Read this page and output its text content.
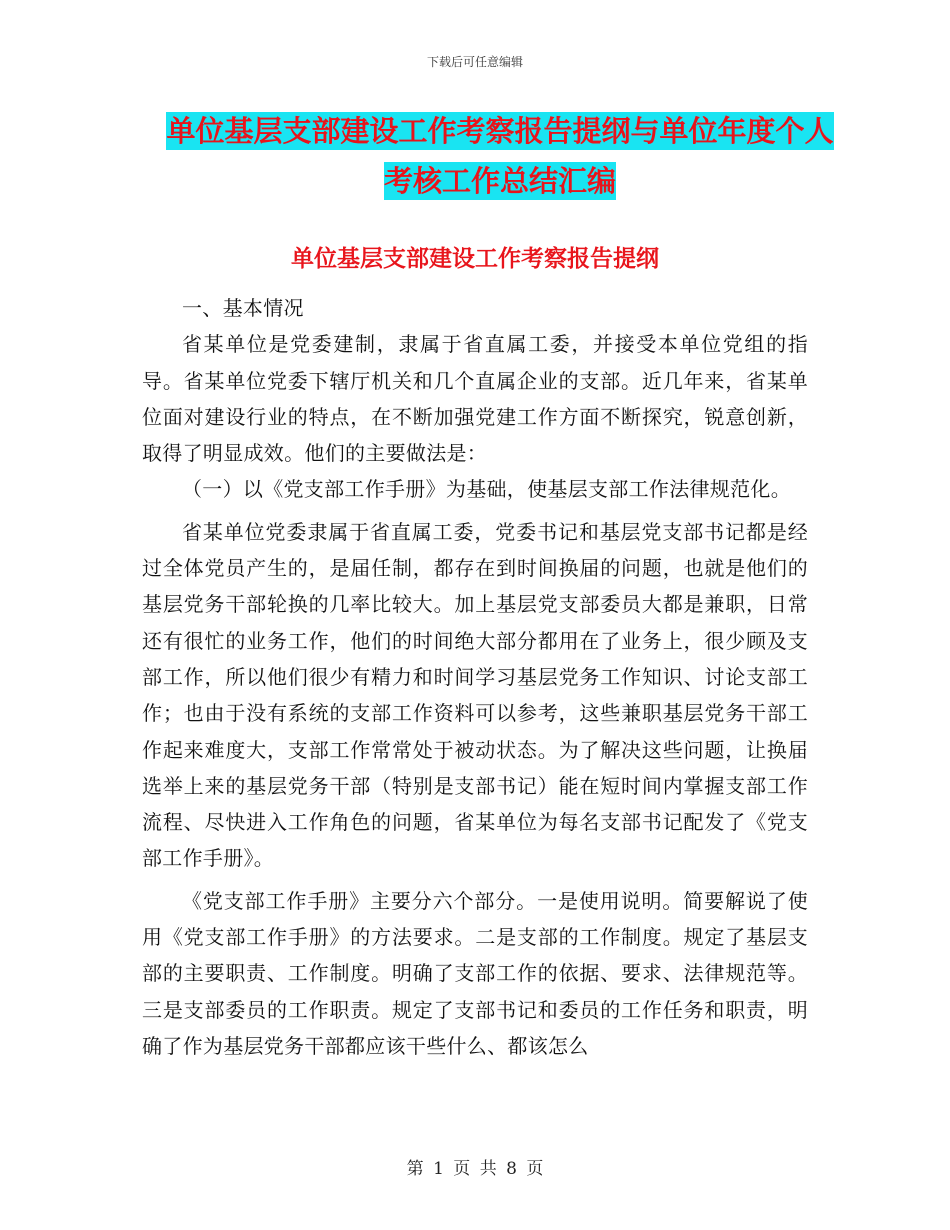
下载后可任意编辑
单位基层支部建设工作考察报告提纲与单位年度个人
考核工作总结汇编
单位基层支部建设工作考察报告提纲

一、基本情况

省某单位是党委建制，隶属于省直属工委，并接受本单位党组的指导。省某单位党委下辖厅机关和几个直属企业的支部。近几年来，省某单位面对建设行业的特点，在不断加强党建工作方面不断探究，锐意创新，取得了明显成效。他们的主要做法是：

（一）以《党支部工作手册》为基础，使基层支部工作法律规范化。

省某单位党委隶属于省直属工委，党委书记和基层党支部书记都是经过全体党员产生的，是届任制，都存在到时间换届的问题，也就是他们的基层党务干部轮换的几率比较大。加上基层党支部委员大都是兼职，日常还有很忙的业务工作，他们的时间绝大部分都用在了业务上，很少顾及支部工作，所以他们很少有精力和时间学习基层党务工作知识、讨论支部工作；也由于没有系统的支部工作资料可以参考，这些兼职基层党务干部工作起来难度大，支部工作常常处于被动状态。为了解决这些问题，让换届选举上来的基层党务干部（特别是支部书记）能在短时间内掌握支部工作流程、尽快进入工作角色的问题，省某单位为每名支部书记配发了《党支部工作手册》。

《党支部工作手册》主要分六个部分。一是使用说明。简要解说了使用《党支部工作手册》的方法要求。二是支部的工作制度。规定了基层支部的主要职责、工作制度。明确了支部工作的依据、要求、法律规范等。三是支部委员的工作职责。规定了支部书记和委员的工作任务和职责，明确了作为基层党务干部都应该干些什么、都该怎么

第 1 页 共 8 页
